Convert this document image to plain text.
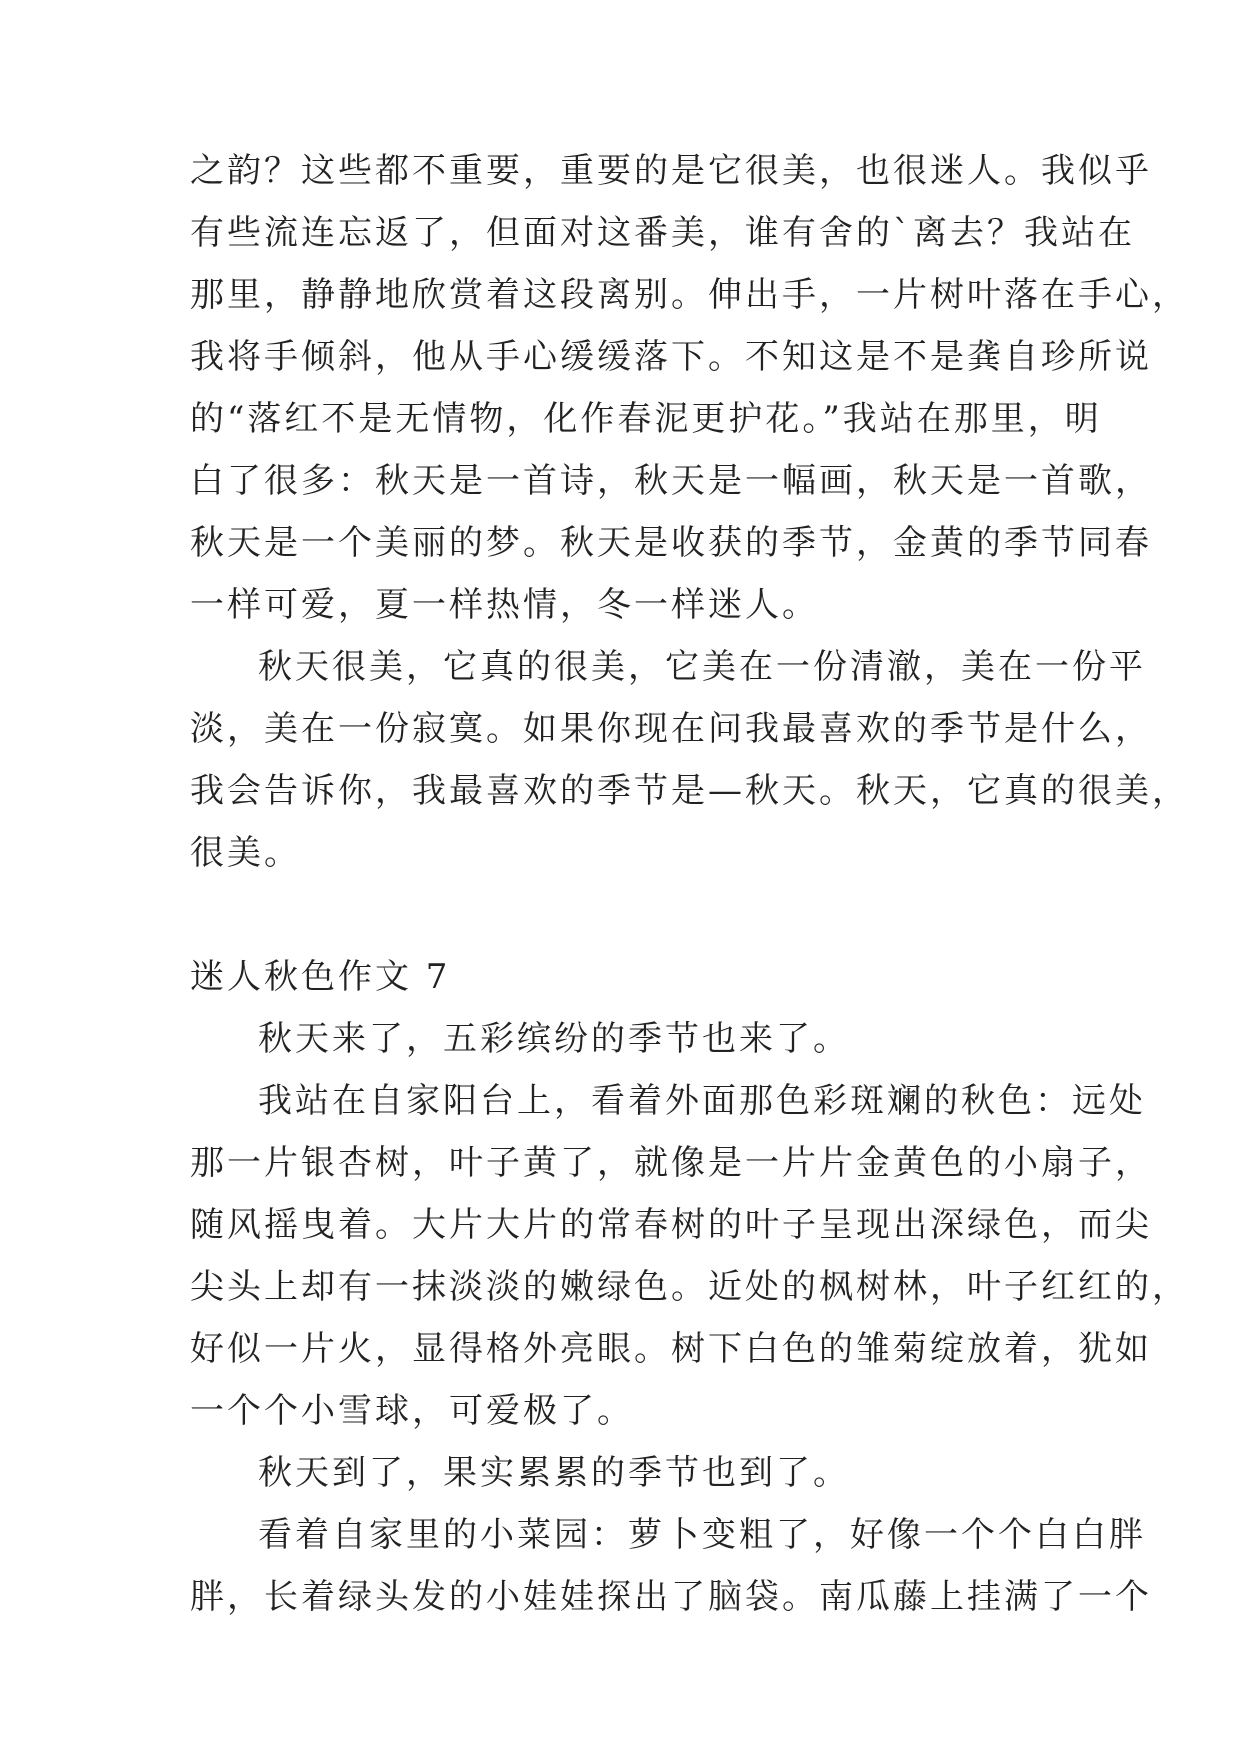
之韵？这些都不重要，重要的是它很美，也很迷人。我似乎
有些流连忘返了，但面对这番美，谁有舍的`离去？我站在
那里，静静地欣赏着这段离别。伸出手，一片树叶落在手心，
我将手倾斜，他从手心缓缓落下。不知这是不是龚自珍所说
的“落红不是无情物，化作春泥更护花。”我站在那里，明
白了很多：秋天是一首诗，秋天是一幅画，秋天是一首歌，
秋天是一个美丽的梦。秋天是收获的季节，金黄的季节同春
一样可爱，夏一样热情，冬一样迷人。
秋天很美，它真的很美，它美在一份清澈，美在一份平
淡，美在一份寂寞。如果你现在问我最喜欢的季节是什么，
我会告诉你，我最喜欢的季节是—秋天。秋天，它真的很美，
很美。
迷人秋色作文 7
秋天来了，五彩缤纷的季节也来了。
我站在自家阳台上，看着外面那色彩斑斓的秋色：远处
那一片银杏树，叶子黄了，就像是一片片金黄色的小扇子，
随风摇曳着。大片大片的常春树的叶子呈现出深绿色，而尖
尖头上却有一抹淡淡的嫩绿色。近处的枫树林，叶子红红的，
好似一片火，显得格外亮眼。树下白色的雏菊绽放着，犹如
一个个小雪球，可爱极了。
秋天到了，果实累累的季节也到了。
看着自家里的小菜园：萝卜变粗了，好像一个个白白胖
胖，长着绿头发的小娃娃探出了脑袋。南瓜藤上挂满了一个
